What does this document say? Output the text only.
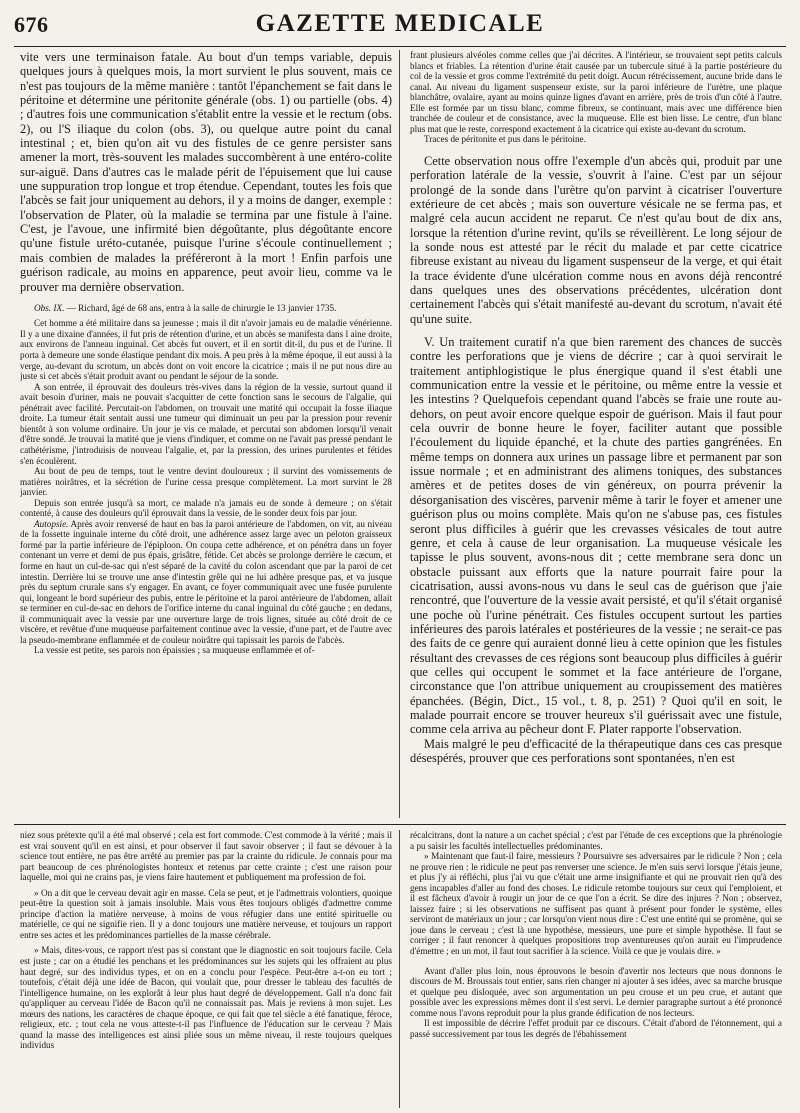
676	GAZETTE MEDICALE

vite vers une terminaison fatale. Au bout d'un temps variable, depuis quelques jours à quelques mois, la mort survient le plus souvent, mais ce n'est pas toujours de la même manière : tantôt l'épanchement se fait dans le péritoine et détermine une péritonite générale (obs. 1) ou partielle (obs. 4) ; d'autres fois une communication s'établit entre la vessie et le rectum (obs. 2), ou l'S iliaque du colon (obs. 3), ou quelque autre point du canal intestinal ; et, bien qu'on ait vu des fistules de ce genre persister sans amener la mort, très-souvent les malades succombèrent à une entéro-colite sur-aiguë. Dans d'autres cas le malade périt de l'épuisement que lui cause une suppuration trop longue et trop étendue. Cependant, toutes les fois que l'abcès se fait jour uniquement au dehors, il y a moins de danger, exemple : l'observation de Plater, où la maladie se termina par une fistule à l'aine. C'est, je l'avoue, une infirmité bien dégoûtante, plus dégoûtante encore qu'une fistule uréto-cutanée, puisque l'urine s'écoule continuellement ; mais combien de malades la préféreront à la mort ! Enfin parfois une guérison radicale, au moins en apparence, peut avoir lieu, comme va le prouver ma dernière observation.

Obs. IX. — Richard, âgé de 68 ans, entra à la salle de chirurgie le 13 janvier 1735.

Cet homme a été militaire dans sa jeunesse ; mais il dit n'avoir jamais eu de maladie vénérienne. Il y a une dixaine d'années, il fut pris de rétention d'urine, et un abcès se manifesta dans l aine droite, aux environs de l'anneau inguinal. Cet abcès fut ouvert, et il en sortit dit-il, du pus et de l'urine. Il porta à demeure une sonde élastique pendant dix mois. A peu près à la même époque, il eut aussi à la verge, au-devant du scrotum, un abcès dont on voit encore la cicatrice ; mais il ne put nous dire au juste si cet abcès s'était produit avant ou pendant le séjour de la sonde.

A son entrée, il éprouvait des douleurs très-vives dans la région de la vessie, surtout quand il avait besoin d'uriner, mais ne pouvait s'acquitter de cette fonction sans le secours de l'algalie, qui pénétrait avec facilité. Percutait-on l'abdomen, on trouvait une matité qui occupait la fosse iliaque droite. La tumeur était sentait aussi une tumeur qui diminuait un peu par la pression pour revenir bientôt à son volume ordinaire. Un jour je vis ce malade, et percutai son abdomen lorsqu'il venait d'être sondé. Je trouvai la matité que je viens d'indiquer, et comme on ne l'avait pas pressé pendant le cathétérisme, j'introduisis de nouveau l'algalie, et, par la pression, des urines purulentes et fétides s'en écoulèrent.

Au bout de peu de temps, tout le ventre devint douloureux ; il survint des vomissements de matières noirâtres, et la sécrétion de l'urine cessa presque complètement. La mort survint le 28 janvier.

Depuis son entrée jusqu'à sa mort, ce malade n'a jamais eu de sonde à demeure ; on s'était contenté, à cause des douleurs qu'il éprouvait dans la vessie, de le sonder deux fois par jour.

Autopsie. Après avoir renversé de haut en bas la paroi antérieure de l'abdomen, on vit, au niveau de la fossette inguinale interne du côté droit, une adhérence assez large avec un peloton graisseux formé par la partie inférieure de l'épiploon. On coupa cette adhérence, et on pénétra dans un foyer contenant un verre et demi de pus épais, grisâtre, fétide. Cet abcès se prolonge derrière le cæcum, et forme en haut un cul-de-sac qui n'est séparé de la cavité du colon ascendant que par la paroi de cet intestin. Derrière lui se trouve une anse d'intestin grêle qui ne lui adhère presque pas, et va jusque près du septum crurale sans s'y engager. En avant, ce foyer communiquait avec une fusée purulente qui, longeant le bord supérieur des pubis, entre le péritoine et la paroi antérieure de l'abdomen, allait se terminer en cul-de-sac en dehors de l'orifice interne du canal inguinal du côté gauche ; en dedans, il communiquait avec la vessie par une ouverture large de trois lignes, située au côté droit de ce viscère, et revêtue d'une muqueuse parfaitement continue avec la vessie, d'une part, et de l'autre avec la pseudo-membrane enflammée et de couleur noirâtre qui tapissait les parois de l'abcès.

La vessie est petite, ses parois non épaissies ; sa muqueuse enflammée et of-

frant plusieurs alvéoles comme celles que j'ai décrites. A l'intérieur, se trouvaient sept petits calculs blancs et friables. La rétention d'urine était causée par un tubercule situé à la partie postérieure du col de la vessie et gros comme l'extrémité du petit doigt. Aucun rétrécissement, aucune bride dans le canal. Au niveau du ligament suspenseur existe, sur la paroi inférieure de l'urètre, une plaque blanchâtre, ovalaire, ayant au moins quinze lignes d'avant en arrière, près de trois d'un côté à l'autre. Elle est formée par un tissu blanc, comme fibreux, se continuant, mais avec une différence bien tranchée de couleur et de consistance, avec la muqueuse. Elle est bien lisse. Le centre, d'un blanc plus mat que le reste, correspond exactement à la cicatrice qui existe au-devant du scrotum.

Traces de péritonite et pus dans le péritoine.

Cette observation nous offre l'exemple d'un abcès qui, produit par une perforation latérale de la vessie, s'ouvrit à l'aine. C'est par un séjour prolongé de la sonde dans l'urètre qu'on parvint à cicatriser l'ouverture extérieure de cet abcès ; mais son ouverture vésicale ne se ferma pas, et malgré cela aucun accident ne reparut. Ce n'est qu'au bout de dix ans, lorsque la rétention d'urine revint, qu'ils se réveillèrent. Le long séjour de la sonde nous est attesté par le récit du malade et par cette cicatrice fibreuse existant au niveau du ligament suspenseur de la verge, et qui était la trace évidente d'une ulcération comme nous en avons déjà rencontré dans quelques unes des observations précédentes, ulcération dont certainement l'abcès qui s'était manifesté au-devant du scrotum, n'avait été qu'une suite.

V. Un traitement curatif n'a que bien rarement des chances de succès contre les perforations que je viens de décrire ; car à quoi servirait le traitement antiphlogistique le plus énergique quand il s'est établi une communication entre la vessie et le péritoine, ou même entre la vessie et les intestins ? Quelquefois cependant quand l'abcès se fraie une route au-dehors, on peut avoir encore quelque espoir de guérison. Mais il faut pour cela ouvrir de bonne heure le foyer, faciliter autant que possible l'écoulement du liquide épanché, et la chute des parties gangrénées. En même temps on donnera aux urines un passage libre et permanent par son issue normale ; et en administrant des alimens toniques, des substances amères et de petites doses de vin généreux, on pourra prévenir la désorganisation des viscères, parvenir même à tarir le foyer et amener une guérison plus ou moins complète. Mais qu'on ne s'abuse pas, ces fistules seront plus difficiles à guérir que les crevasses vésicales de tout autre genre, et cela à cause de leur organisation. La muqueuse vésicale les tapisse le plus souvent, avons-nous dit ; cette membrane sera donc un obstacle puissant aux efforts que la nature pourrait faire pour la cicatrisation, aussi avons-nous vu dans le seul cas de guérison que j'aie rencontré, que l'ouverture de la vessie avait persisté, et qu'il s'était organisé une poche où l'urine pénétrait. Ces fistules occupent surtout les parties inférieures des parois latérales et postérieures de la vessie ; ne serait-ce pas des faits de ce genre qui auraient donné lieu à cette opinion que les fistules résultant des crevasses de ces régions sont beaucoup plus difficiles à guérir que celles qui occupent le sommet et la face antérieure de l'organe, circonstance que l'on attribue uniquement au croupissement des matières épanchées. (Bégin, Dict., 15 vol., t. 8, p. 251) ? Quoi qu'il en soit, le malade pourrait encore se trouver heureux s'il guérissait avec une fistule, comme cela arriva au pêcheur dont F. Plater rapporte l'observation.

Mais malgré le peu d'efficacité de la thérapeutique dans ces cas presque désespérés, prouver que ces perforations sont spontanées, n'en est

niez sous prétexte qu'il a été mal observé ; cela est fort commode. C'est commode à la vérité ; mais il est vrai souvent qu'il en est ainsi, et pour observer il faut savoir observer ; il faut se dévouer à la science tout entière, ne pas être arrêté au premier pas par la crainte du ridicule. Je connais pour ma part beaucoup de ces phrénologistes honteux et retenus par cette crainte ; c'est une raison pour laquelle, moi qui ne crains pas, je viens faire hautement et publiquement ma profession de foi.

» On a dit que le cerveau devait agir en masse. Cela se peut, et je l'admettrais volontiers, quoique peut-être la question soit à jamais insoluble. Mais vous êtes toujours obligés d'admettre comme principe d'action la matière nerveuse, à moins de vous réfugier dans une entité spirituelle ou matérielle, ce qui ne signifie rien. Il y a donc toujours une matière nerveuse, et toujours un rapport entre ses actes et les prédominances partielles de la masse cérébrale.

» Mais, dites-vous, ce rapport n'est pas si constant que le diagnostic en soit toujours facile. Cela est juste ; car on a étudié les penchans et les prédominances sur les sujets qui les offraient au plus haut degré, sur des individus types, et on en a conclu pour l'espèce. Peut-être a-t-on eu tort ; toutefois, c'était déjà une idée de Bacon, qui voulait que, pour dresser le tableau des facultés de l'intelligence humaine, on les explorât à leur plus haut degré de développement. Gall n'a donc fait qu'appliquer au cerveau l'idée de Bacon qu'il ne connaissait pas. Mais je reviens à mon sujet. Les mœurs des nations, les caractères de chaque époque, ce qui fait que tel siècle a été fanatique, féroce, religieux, etc. ; tout cela ne vous atteste-t-il pas l'influence de l'éducation sur le cerveau ? Mais quand la masse des intelligences est ainsi pliée sous un même niveau, il reste toujours quelques individus

récalcitrans, dont la nature a un cachet spécial ; c'est par l'étude de ces exceptions que la phrénologie a pu saisir les facultés intellectuelles prédominantes.

» Maintenant que faut-il faire, messieurs ? Poursuivre ses adversaires par le ridicule ? Non ; cela ne prouve rien : le ridicule ne peut pas renverser une science. Je m'en suis servi lorsque j'étais jeune, et plus j'y ai réfléchi, plus j'ai vu que c'était une arme insignifiante et qui ne prouvait rien qu'à des gens incapables d'aller au fond des choses. Le ridicule retombe toujours sur ceux qui l'emploient, et il est fâcheux d'avoir à rougir un jour de ce que l'on a écrit. Se dire des injures ? Non ; observez, laissez faire ; si les observations ne suffisent pas quant à présent pour fonder le système, elles serviront de matériaux un jour ; car lorsqu'on vient nous dire : C'est une entité qui se promène, qui se joue dans le cerveau ; c'est là une hypothèse, messieurs, une pure et simple hypothèse. Il faut se corriger ; il faut renoncer à quelques propositions trop aventureuses qu'on aurait eu l'imprudence d'émettre ; en un mot, il faut tout sacrifier à la science. Voilà ce que je voulais dire. »

Avant d'aller plus loin, nous éprouvons le besoin d'avertir nos lecteurs que nous donnons le discours de M. Broussais tout entier, sans rien changer ni ajouter à ses idées, avec sa marche brusque et quelque peu disloquée, avec son argumentation un peu crouse et un peu crue, et autant que possible avec les expressions mêmes dont il s'est servi. Le dernier paragraphe surtout a été prononcé comme nous l'avons reproduit pour la plus grande édification de nos lecteurs.

Il est impossible de décrire l'effet produit par ce discours. C'était d'abord de l'étonnement, qui a passé successivement par tous les degrés de l'ébahissement
